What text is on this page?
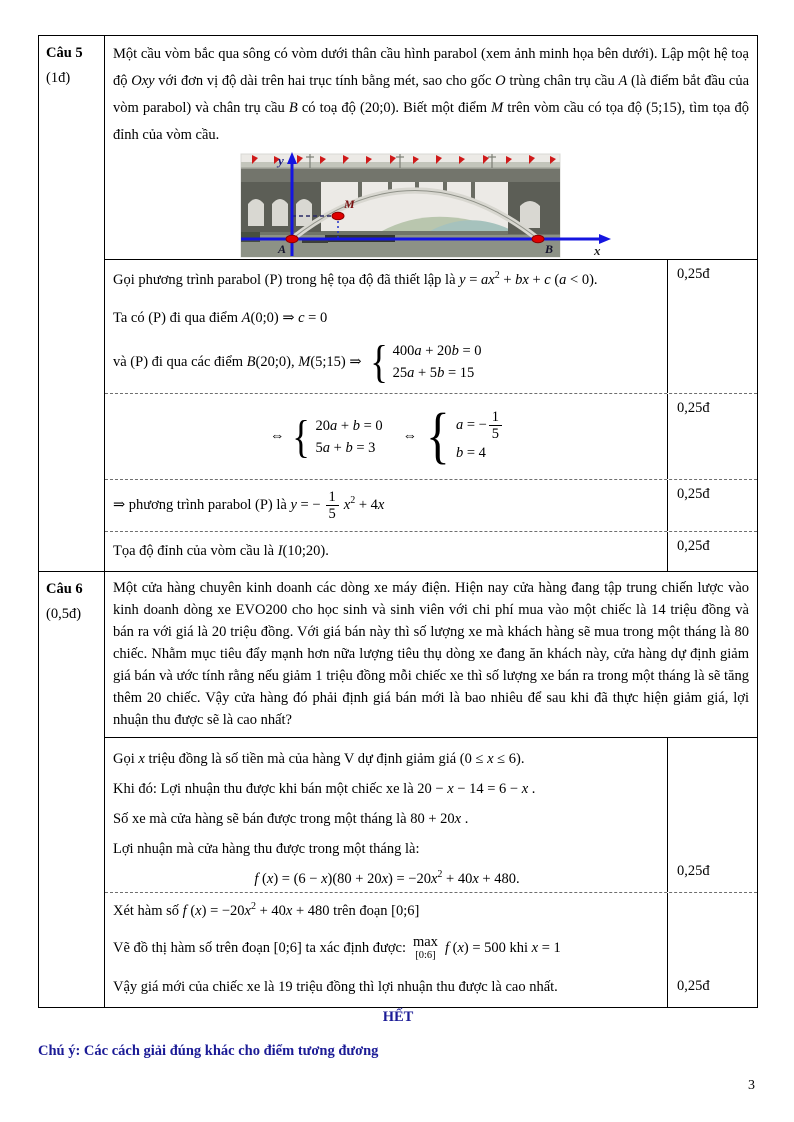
Câu 5
(1đ)
Một cầu vòm bắc qua sông có vòm dưới thân cầu hình parabol (xem ảnh minh họa bên dưới). Lập một hệ toạ độ Oxy với đơn vị độ dài trên hai trục tính bằng mét, sao cho gốc O trùng chân trụ cầu A (là điểm bắt đầu của vòm parabol) và chân trụ cầu B có toạ độ (20;0). Biết một điểm M trên vòm cầu có tọa độ (5;15), tìm tọa độ đỉnh của vòm cầu.
y
x
A
M
B
Gọi phương trình parabol (P) trong hệ tọa độ đã thiết lập là $y = ax^2$ + bx + c (a < 0).
Ta có (P) đi qua điểm A(0;0) ⇒ c = 0
và (P) đi qua các điểm B(20;0), M(5;15) ⇒ { 400a + 20b = 0
25a + 5b = 15
0,25đ
⇔ { 20a + b = 0
5a + b = 3
⇔ { a = − $\frac{1}{5}$
b = 4
0,25đ
⇒ phương trình parabol (P) là y = − $\frac{1}{5} x^2 + 4x$
0,25đ
Tọa độ đỉnh của vòm cầu là I(10;20).	0,25đ
Câu 6
(0,5đ)
Một cửa hàng chuyên kinh doanh các dòng xe máy điện. Hiện nay cửa hàng đang tập trung chiến lược vào kinh doanh dòng xe EVO200 cho học sinh và sinh viên với chi phí mua vào một chiếc là 14 triệu đồng và bán ra với giá là 20 triệu đồng. Với giá bán này thì số lượng xe mà khách hàng sẽ mua trong một tháng là 80 chiếc. Nhằm mục tiêu đẩy mạnh hơn nữa lượng tiêu thụ dòng xe đang ăn khách này, cửa hàng dự định giảm giá bán và ước tính rằng nếu giảm 1 triệu đồng mỗi chiếc xe thì số lượng xe bán ra trong một tháng là sẽ tăng thêm 20 chiếc. Vậy cửa hàng đó phải định giá bán mới là bao nhiêu để sau khi đã thực hiện giảm giá, lợi nhuận thu được sẽ là cao nhất?
Gọi x triệu đồng là số tiền mà của hàng V dự định giảm giá (0 ≤ x ≤ 6).
Khi đó: Lợi nhuận thu được khi bán một chiếc xe là 20 − x − 14 = 6 − x .
Số xe mà cửa hàng sẽ bán được trong một tháng là 80 + 20x .
Lợi nhuận mà cửa hàng thu được trong một tháng là:
f $(x) = (6 - x)(80 + 20x) = -20x^2 + 40x + 480$.	0,25đ
Xét hàm số f $(x) = -20x^2 + 40x + 480$ trên đoạn [0;6]
Vẽ đồ thị hàm số trên đoạn [0;6] ta xác định được: max
[0:6] f (x) = 500 khi x = 1
Vậy giá mới của chiếc xe là 19 triệu đồng thì lợi nhuận thu được là cao nhất.	0,25đ
HẾT
Chú ý: Các cách giải đúng khác cho điểm tương đương
3
